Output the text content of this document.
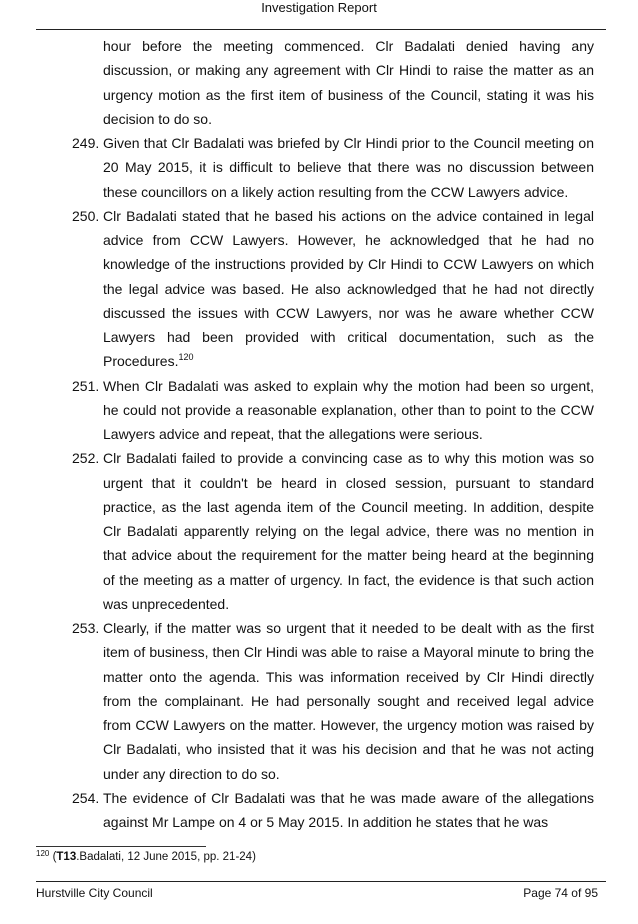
Investigation Report
hour before the meeting commenced. Clr Badalati denied having any discussion, or making any agreement with Clr Hindi to raise the matter as an urgency motion as the first item of business of the Council, stating it was his decision to do so.
249. Given that Clr Badalati was briefed by Clr Hindi prior to the Council meeting on 20 May 2015, it is difficult to believe that there was no discussion between these councillors on a likely action resulting from the CCW Lawyers advice.
250. Clr Badalati stated that he based his actions on the advice contained in legal advice from CCW Lawyers. However, he acknowledged that he had no knowledge of the instructions provided by Clr Hindi to CCW Lawyers on which the legal advice was based. He also acknowledged that he had not directly discussed the issues with CCW Lawyers, nor was he aware whether CCW Lawyers had been provided with critical documentation, such as the Procedures.$^{120}$
251. When Clr Badalati was asked to explain why the motion had been so urgent, he could not provide a reasonable explanation, other than to point to the CCW Lawyers advice and repeat, that the allegations were serious.
252. Clr Badalati failed to provide a convincing case as to why this motion was so urgent that it couldn't be heard in closed session, pursuant to standard practice, as the last agenda item of the Council meeting. In addition, despite Clr Badalati apparently relying on the legal advice, there was no mention in that advice about the requirement for the matter being heard at the beginning of the meeting as a matter of urgency. In fact, the evidence is that such action was unprecedented.
253. Clearly, if the matter was so urgent that it needed to be dealt with as the first item of business, then Clr Hindi was able to raise a Mayoral minute to bring the matter onto the agenda. This was information received by Clr Hindi directly from the complainant. He had personally sought and received legal advice from CCW Lawyers on the matter. However, the urgency motion was raised by Clr Badalati, who insisted that it was his decision and that he was not acting under any direction to do so.
254. The evidence of Clr Badalati was that he was made aware of the allegations against Mr Lampe on 4 or 5 May 2015. In addition he states that he was
$^{120}$ (T13.Badalati, 12 June 2015, pp. 21-24)
Hurstville City Council	Page 74 of 95
